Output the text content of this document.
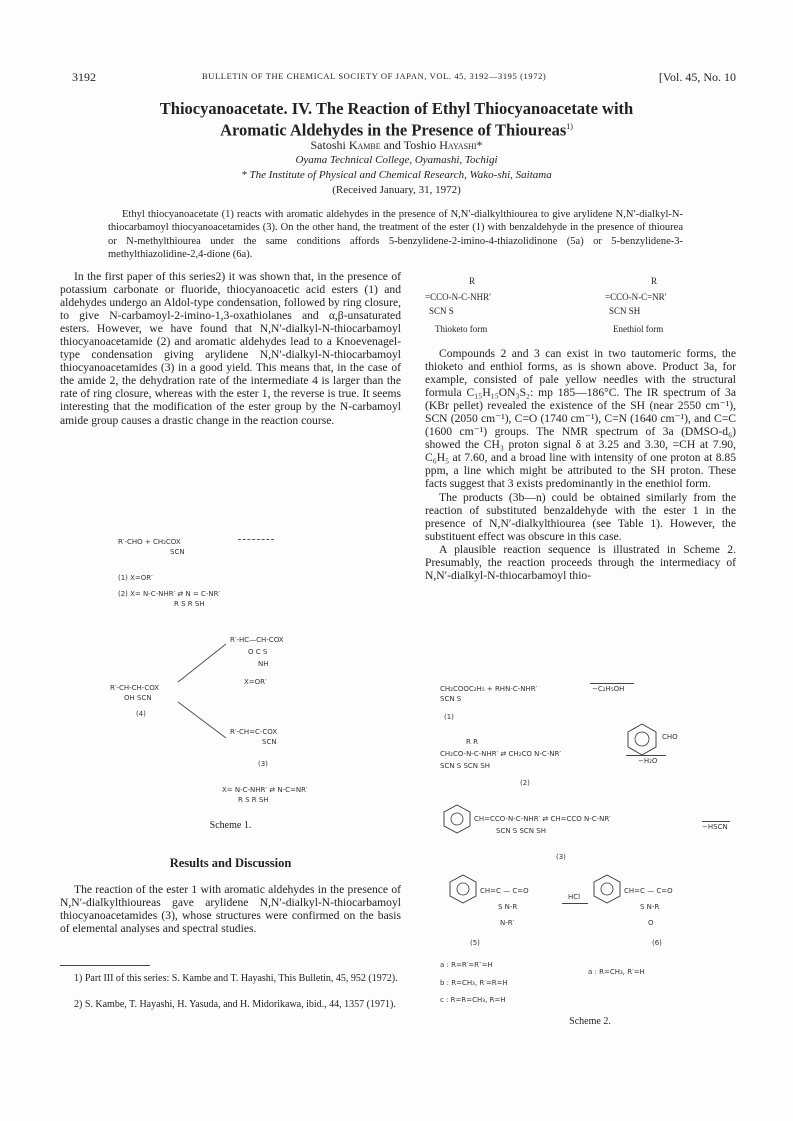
3192	BULLETIN OF THE CHEMICAL SOCIETY OF JAPAN, VOL. 45, 3192—3195 (1972)	[Vol. 45, No. 10
Thiocyanoacetate. IV. The Reaction of Ethyl Thiocyanoacetate with
Aromatic Aldehydes in the Presence of Thioureas$^{1)}$
Satoshi Kambe and Toshio Hayashi*
Oyama Technical College, Oyamashi, Tochigi
* The Institute of Physical and Chemical Research, Wako-shi, Saitama
(Received January, 31, 1972)
Ethyl thiocyanoacetate (1) reacts with aromatic aldehydes in the presence of N,N′-dialkylthiourea to give arylidene N,N′-dialkyl-N-thiocarbamoyl thiocyanoacetamides (3). On the other hand, the treatment of the ester (1) with benzaldehyde in the presence of thiourea or N-methylthiourea under the same conditions affords 5-benzylidene-2-imino-4-thiazolidinone (5a) or 5-benzylidene-3-methylthiazolidine-2,4-dione (6a).

In the first paper of this series2) it was shown that, in the presence of potassium carbonate or fluoride, thiocyanoacetic acid esters (1) and aldehydes undergo an Aldol-type condensation, followed by ring closure, to give N-carbamoyl-2-imino-1,3-oxathiolanes and α,β-unsaturated esters. However, we have found that N,N′-dialkyl-N-thiocarbamoyl thiocyanoacetamide (2) and aromatic aldehydes lead to a Knoevenagel-type condensation giving arylidene N,N′-dialkyl-N-thiocarbamoyl thiocyanoacetamides (3) in a good yield. This means that, in the case of the amide 2, the dehydration rate of the intermediate 4 is larger than the rate of ring closure, whereas with the ester 1, the reverse is true. It seems interesting that the modification of the ester group by the N-carbamoyl amide group causes a drastic change in the reaction course.

R′-CHO + CH₂COX
SCN
(1) X=OR′
(2) X= N-C-NHR′ ⇄ N = C-NR′
R S R SH
R′-HC—CH-COX
O C S
NH
X=OR′
R′-CH-CH-COX
OH SCN
(4)
R′-CH=C-COX
SCN
(3)
X= N-C-NHR′ ⇄ N-C=NR′
R S R SH
Scheme 1.
Results and Discussion

The reaction of the ester 1 with aromatic aldehydes in the presence of N,N′-dialkylthioureas gave arylidene N,N′-dialkyl-N-thiocarbamoyl thiocyanoacetamides (3), whose structures were confirmed on the basis of elemental analyses and spectral studies.

1) Part III of this series: S. Kambe and T. Hayashi, This Bulletin, 45, 952 (1972).
2) S. Kambe, T. Hayashi, H. Yasuda, and H. Midorikawa, ibid., 44, 1357 (1971).
R
=CCO-N-C-NHR′
SCN S
Thioketo form
R
=CCO-N-C=NR′
SCN SH
Enethiol form

Compounds 2 and 3 can exist in two tautomeric forms, the thioketo and enthiol forms, as is shown above. Product 3a, for example, consisted of pale yellow needles with the structural formula C₁₅H₁₅ON₃S₂: mp 185—186°C. The IR spectrum of 3a (KBr pellet) revealed the existence of the SH (near 2550 cm⁻¹), SCN (2050 cm⁻¹), C=O (1740 cm⁻¹), C=N (1640 cm⁻¹), and C=C (1600 cm⁻¹) groups. The NMR spectrum of 3a (DMSO-d₆) showed the CH₃ proton signal δ at 3.25 and 3.30, =CH at 7.90, C₆H₅ at 7.60, and a broad line with intensity of one proton at 8.85 ppm, a line which might be attributed to the SH proton. These facts suggest that 3 exists predominantly in the enethiol form.

The products (3b—n) could be obtained similarly from the reaction of substituted benzaldehyde with the ester 1 in the presence of N,N′-dialkylthiourea (see Table 1). However, the substituent effect was obscure in this case.

A plausible reaction sequence is illustrated in Scheme 2. Presumably, the reaction proceeds through the intermediacy of N,N′-dialkyl-N-thiocarbamoyl thio-

CH₂COOC₂H₅ + RHN-C-NHR′
SCN S
−C₂H₅OH
(1)
R R
CH₂CO-N-C-NHR′ ⇄ CH₂CO N-C-NR′
SCN S SCN SH
CHO
−H₂O
(2)
CH=CCO-N-C-NHR′ ⇄ CH=CCO N-C-NR′
SCN S SCN SH	−HSCN
(3)
CH=C — C=O
S N-R
N-R′
HCl
CH=C — C=O
S N-R
O
(5)	(6)
a : R=R′=R″=H
b : R=CH₃, R′=R=H
c : R=R=CH₃, R=H
a : R=CH₃, R′=H
Scheme 2.
